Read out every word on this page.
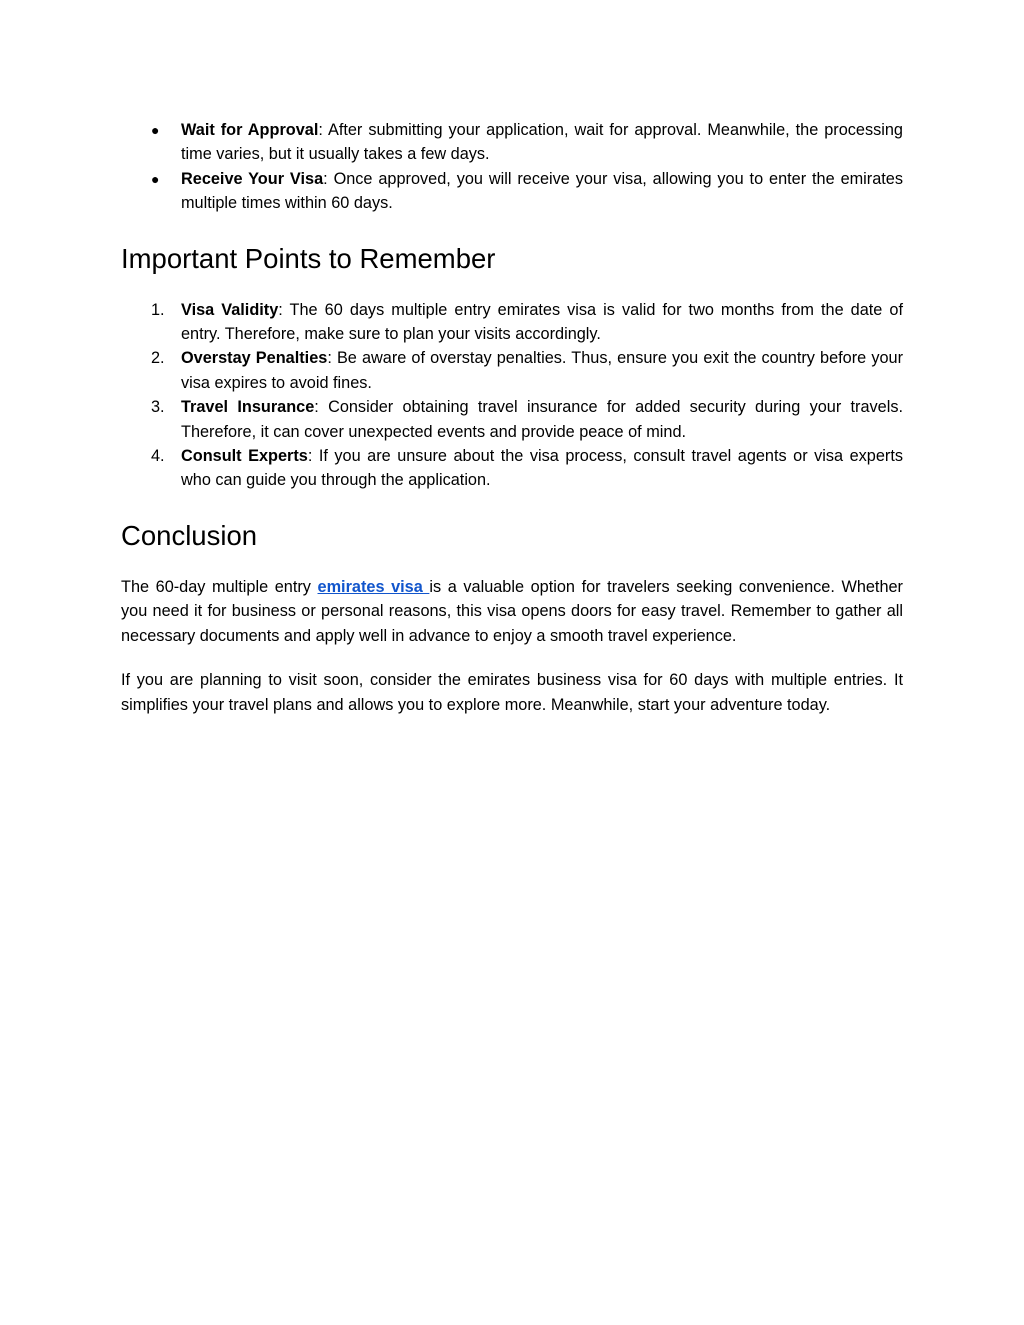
● Wait for Approval: After submitting your application, wait for approval. Meanwhile, the processing time varies, but it usually takes a few days.
● Receive Your Visa: Once approved, you will receive your visa, allowing you to enter the emirates multiple times within 60 days.
Important Points to Remember
1. Visa Validity: The 60 days multiple entry emirates visa is valid for two months from the date of entry. Therefore, make sure to plan your visits accordingly.
2. Overstay Penalties: Be aware of overstay penalties. Thus, ensure you exit the country before your visa expires to avoid fines.
3. Travel Insurance: Consider obtaining travel insurance for added security during your travels. Therefore, it can cover unexpected events and provide peace of mind.
4. Consult Experts: If you are unsure about the visa process, consult travel agents or visa experts who can guide you through the application.
Conclusion

The 60-day multiple entry emirates visa is a valuable option for travelers seeking convenience. Whether you need it for business or personal reasons, this visa opens doors for easy travel. Remember to gather all necessary documents and apply well in advance to enjoy a smooth travel experience.

If you are planning to visit soon, consider the emirates business visa for 60 days with multiple entries. It simplifies your travel plans and allows you to explore more. Meanwhile, start your adventure today.
